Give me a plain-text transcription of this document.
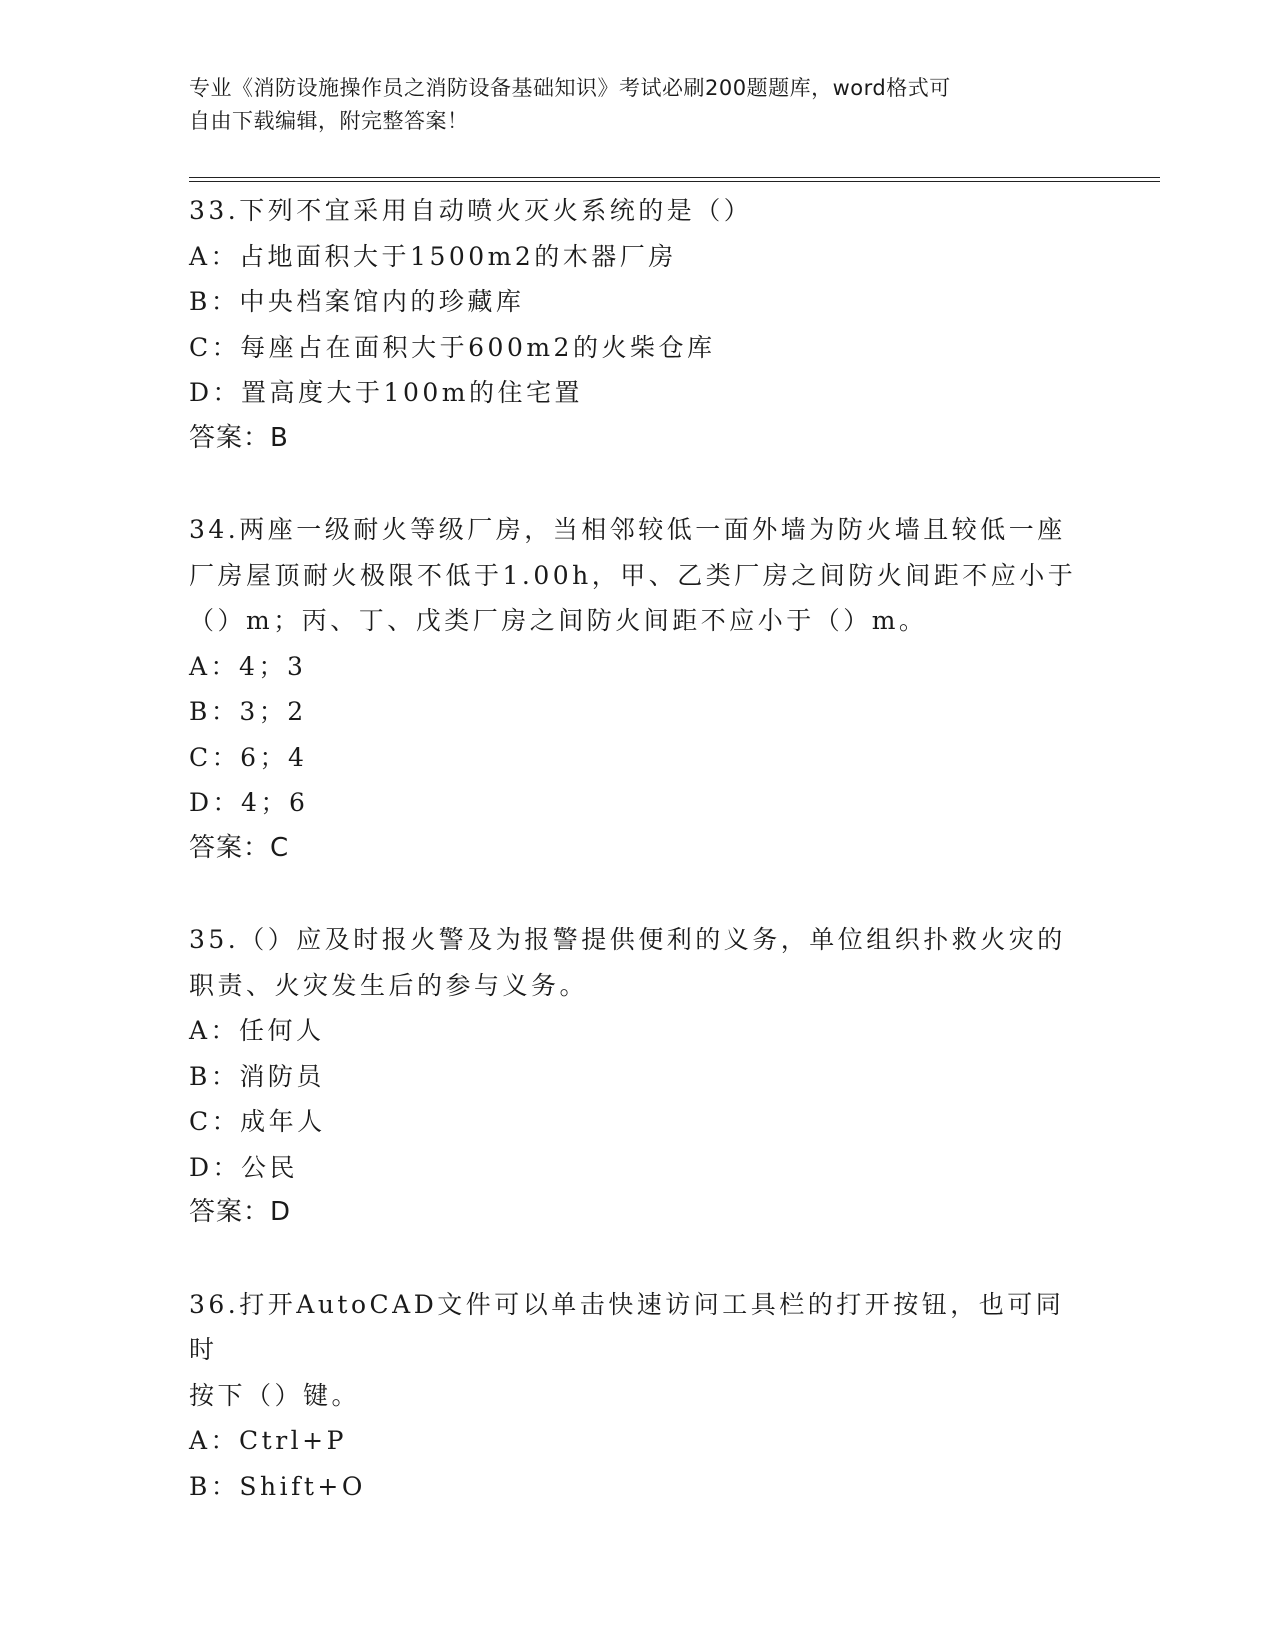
专业《消防设施操作员之消防设备基础知识》考试必刷200题题库，word格式可
自由下载编辑，附完整答案！
33.下列不宜采用自动喷火灭火系统的是（）
A：占地面积大于1500m2的木器厂房
B：中央档案馆内的珍藏库
C：每座占在面积大于600m2的火柴仓库
D：置高度大于100m的住宅置
答案：B
34.两座一级耐火等级厂房，当相邻较低一面外墙为防火墙且较低一座
厂房屋顶耐火极限不低于1.00h，甲、乙类厂房之间防火间距不应小于
（）m；丙、丁、戊类厂房之间防火间距不应小于（）m。
A：4；3
B：3；2
C：6；4
D：4；6
答案：C
35.（）应及时报火警及为报警提供便利的义务，单位组织扑救火灾的
职责、火灾发生后的参与义务。
A：任何人
B：消防员
C：成年人
D：公民
答案：D
36.打开AutoCAD文件可以单击快速访问工具栏的打开按钮，也可同时
按下（）键。
A：Ctrl+P
B：Shift+O
